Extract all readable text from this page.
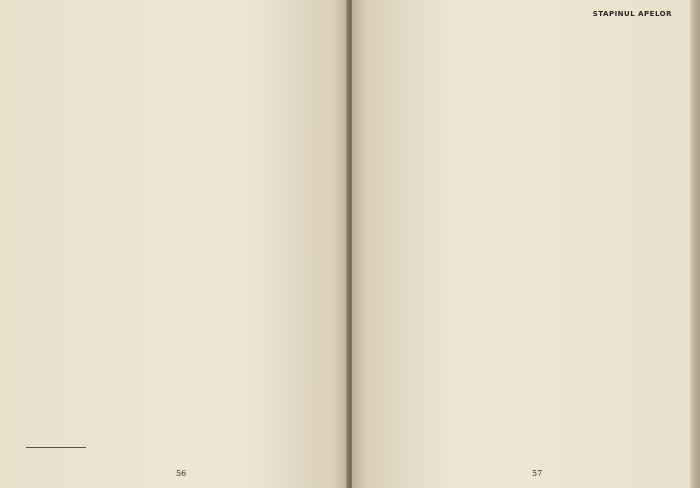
56
STAPINUL APELOR

57
